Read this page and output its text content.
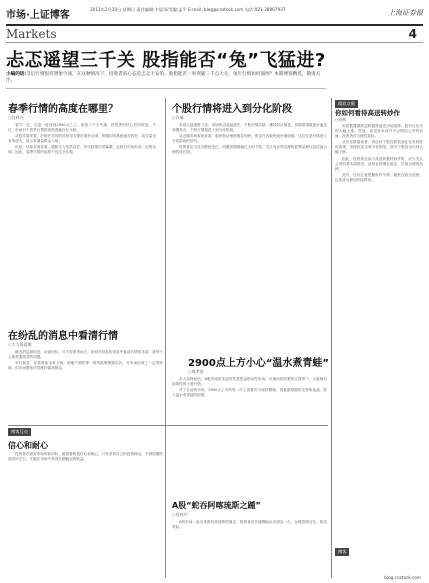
市场·上证博客
2011年2月20日 星期日 责任编辑:卞晨哥/美编:孟平 E-mail: blog@cnstock.com 电话:021-38967937	上海证券报
Markets	4
忐忑遥望三千关 股指能否“兔”飞猛进?
小编的话:节后行情很有想象空间。在这种情况下，投资者的心态是忐忑不安的。股指能否一举突破三千点大关，兔年行情如何演绎？本期博客精选，敬请关注。
春季行情的高度在哪里？
○肖林兴

春节一过，大盘一度回到2900点之上，收复了不少失地，投资者的信心有所恢复。不过，市场对于春季行情的高度普遍存在分歧。

从技术面来看，沪指在年线附近获得支撑后展开反弹，短期均线系统逐步转好，成交量也有所放大，显示有增量资金入场。

但是，从基本面来看，通胀压力依然存在，货币政策仍然偏紧，这将对市场形成一定的压制。因此，春季行情的高度不宜过分乐观。

个股行情将进入到分化阶段
○许瑞

本周大盘强势上攻，市场热点此起彼伏，个股行情活跃，赚钱效应明显，但随着指数逐步逼近前期高点，个股行情将进入到分化阶段。

从近期市场表现来看，板块轮动速度明显加快，资金在各板块间快速切换，这往往是行情进入分化阶段的信号。

投资者应当适当降低仓位，回避前期涨幅过大的个股，关注有业绩支撑的蓝筹品种以及估值合理的成长股。

2900点上方小心“温水煮青蛙”
○周孝英

本人始终坚信，A股市场的本质仍然是资金推动型市场，在流动性收紧的大背景下，大盘难有持续性的上涨行情。

对于目前的市场，2900点上方的每一次上攻都应当保持警惕，切莫被短期的反弹所迷惑，陷入温水煮青蛙的困境。

在纷乱的消息中看清行情
○大力周爱娜

最近消息面纷扰，众说纷纭。对于投资者而言，如何在纷乱的消息中看清行情的本质，是每个人都需要面对的问题。

央行加息、存款准备金率上调、房地产调控等一系列政策相继出台，对市场形成了一定的影响，但市场整体仍然维持震荡格局。

博客互动
信心和耐心

投资者在面对市场的波动时，最需要的是信心和耐心。只有坚持自己的投资理念，不被短期的波动所左右，才能在市场中获得长期稳定的收益。

A股“蛇吞阿喀琉斯之踵”
○肖林兴

A股市场一直以来都有其独特的弱点，投资者应当清醒地认识到这一点，合理控制仓位，防范风险。

精彩点播
你如何看待高送转炒作
○刘林

年报披露期高送转题材备受市场追捧，股价往往出现大幅上涨。然而，高送转本身并不会增加公司的价值，投资者应当理性看待。

从历史数据来看，高送转个股在除权前往往有较好的表现，但除权后走势分化明显，部分个股甚至出现大幅下跌。

因此，投资者在参与高送转题材炒作时，应当关注公司的基本面情况，选择业绩增长稳定、估值合理的品种。

此外，还应注意把握炒作节奏，避免在高位追涨，以免成为最后的接棒者。

博客
blog.cnstock.com
